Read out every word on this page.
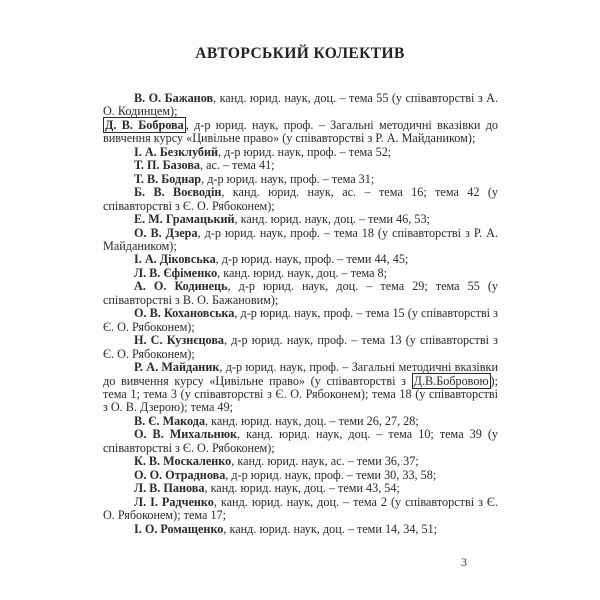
АВТОРСЬКИЙ КОЛЕКТИВ

В. О. Бажанов, канд. юрид. наук, доц. – тема 55 (у співавторстві з А. О. Кодинцем);

Д. В. Боброва , д-р юрид. наук, проф. – Загальні методичні вказівки до вивчення курсу «Цивільне право» (у співавторстві з Р. А. Майдаником);

І. А. Безклубий, д-р юрид. наук, проф. – тема 52;

Т. П. Базова, ас. – тема 41;

Т. В. Боднар, д-р юрид. наук, проф. – тема 31;

Б. В. Воєводін, канд. юрид. наук, ас. – тема 16; тема 42 (у співавторстві з Є. О. Рябоконем);

Е. М. Грамацький, канд. юрид. наук, доц. – теми 46, 53;

О. В. Дзера, д-р юрид. наук, проф. – тема 18 (у співавторстві з Р. А. Майдаником);

І. А. Діковська, д-р юрид. наук, проф. – теми 44, 45;

Л. В. Єфіменко, канд. юрид. наук, доц. – тема 8;

А. О. Кодинець, д-р юрид. наук, доц. – тема 29; тема 55 (у співавторстві з В. О. Бажановим);

О. В. Кохановська, д-р юрид. наук, проф. – тема 15 (у співавторстві з Є. О. Рябоконем);

Н. С. Кузнєцова, д-р юрид. наук, проф. – тема 13 (у співавторстві з Є. О. Рябоконем);

Р. А. Майданик, д-р юрид. наук, проф. – Загальні методичні вказівки до вивчення курсу «Цивільне право» (у співавторстві з Д.В.Бобровою ); тема 1; тема 3 (у співавторстві з Є. О. Рябоконем); тема 18 (у співавторстві з О. В. Дзерою); тема 49;

В. Є. Макода, канд. юрид. наук, доц. – теми 26, 27, 28;

О. В. Михальнюк, канд. юрид. наук, доц. – тема 10; тема 39 (у співавторстві з Є. О. Рябоконем);

К. В. Москаленко, канд. юрид. наук, ас. – теми 36, 37;

О. О. Отраднова, д-р юрид. наук, проф. – теми 30, 33, 58;

Л. В. Панова, канд. юрид. наук, доц. – теми 43, 54;

Л. І. Радченко, канд. юрид. наук, доц. – тема 2 (у співавторстві з Є. О. Рябоконем); тема 17;

І. О. Ромащенко, канд. юрид. наук, доц. – теми 14, 34, 51;

3
